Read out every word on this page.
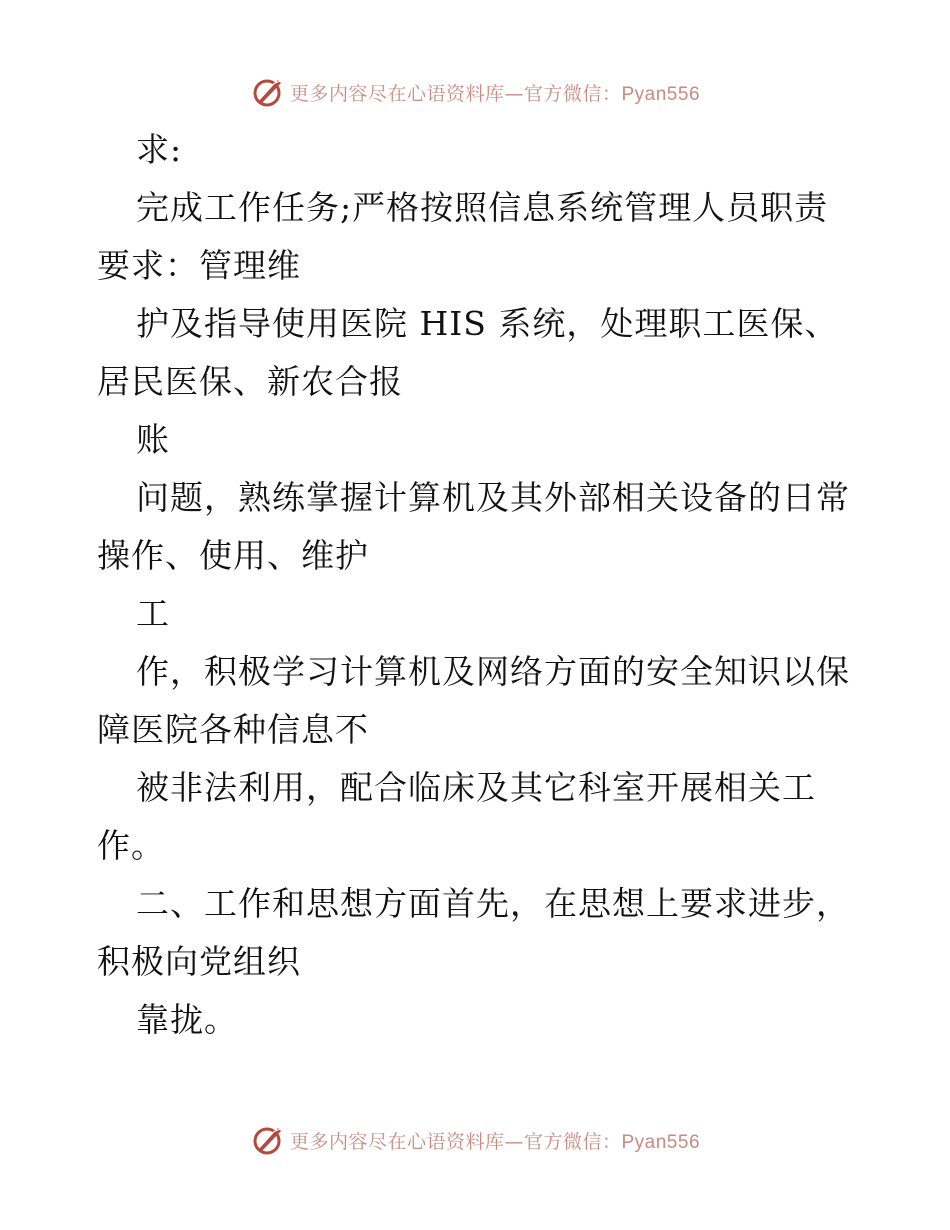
更多内容尽在心语资料库—官方微信：Pyan556
求:
完成工作任务;严格按照信息系统管理人员职责
要求：管理维
护及指导使用医院 HIS 系统，处理职工医保、
居民医保、新农合报
账
问题，熟练掌握计算机及其外部相关设备的日常
操作、使用、维护
工
作，积极学习计算机及网络方面的安全知识以保
障医院各种信息不
被非法利用，配合临床及其它科室开展相关工
作。
二、工作和思想方面首先，在思想上要求进步，
积极向党组织
靠拢。
更多内容尽在心语资料库—官方微信：Pyan556
